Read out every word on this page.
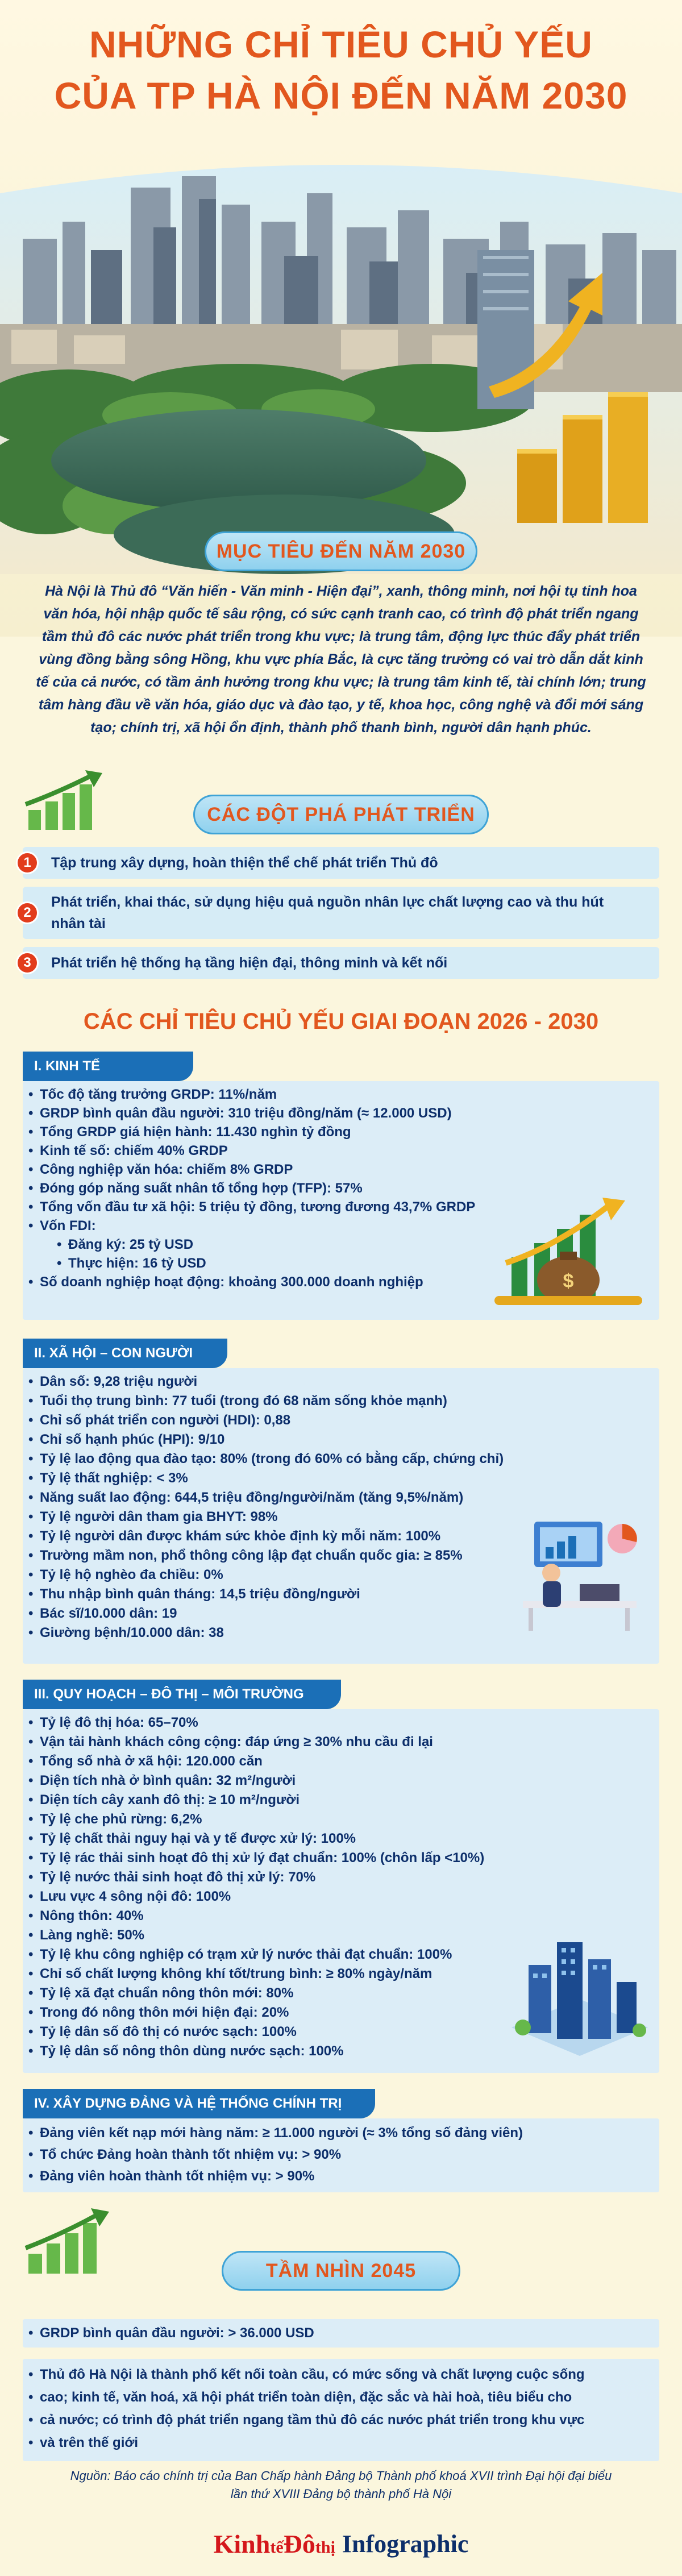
NHỮNG CHỈ TIÊU CHỦ YẾU
CỦA TP HÀ NỘI ĐẾN NĂM 2030
MỤC TIÊU ĐẾN NĂM 2030
Hà Nội là Thủ đô “Văn hiến - Văn minh - Hiện đại”, xanh, thông minh, nơi hội tụ tinh hoa
văn hóa, hội nhập quốc tế sâu rộng, có sức cạnh tranh cao, có trình độ phát triển ngang
tầm thủ đô các nước phát triển trong khu vực; là trung tâm, động lực thúc đẩy phát triển
vùng đồng bằng sông Hồng, khu vực phía Bắc, là cực tăng trưởng có vai trò dẫn dắt kinh
tế của cả nước, có tầm ảnh hưởng trong khu vực; là trung tâm kinh tế, tài chính lớn; trung
tâm hàng đầu về văn hóa, giáo dục và đào tạo, y tế, khoa học, công nghệ và đổi mới sáng
tạo; chính trị, xã hội ổn định, thành phố thanh bình, người dân hạnh phúc.
CÁC ĐỘT PHÁ PHÁT TRIỂN
1	Tập trung xây dựng, hoàn thiện thể chế phát triển Thủ đô
2
Phát triển, khai thác, sử dụng hiệu quả nguồn nhân lực chất lượng cao và thu hút
nhân tài
3	Phát triển hệ thống hạ tầng hiện đại, thông minh và kết nối
CÁC CHỈ TIÊU CHỦ YẾU GIAI ĐOẠN 2026 - 2030
I. KINH TẾ
• Tốc độ tăng trưởng GRDP: 11%/năm
• GRDP bình quân đầu người: 310 triệu đồng/năm (≈ 12.000 USD)
• Tổng GRDP giá hiện hành: 11.430 nghìn tỷ đồng
• Kinh tế số: chiếm 40% GRDP
• Công nghiệp văn hóa: chiếm 8% GRDP
• Đóng góp năng suất nhân tố tổng hợp (TFP): 57%
• Tổng vốn đầu tư xã hội: 5 triệu tỷ đồng, tương đương 43,7% GRDP
• Vốn FDI:
• Đăng ký: 25 tỷ USD
• Thực hiện: 16 tỷ USD
• Số doanh nghiệp hoạt động: khoảng 300.000 doanh nghiệp	$
II. XÃ HỘI – CON NGƯỜI
• Dân số: 9,28 triệu người
• Tuổi thọ trung bình: 77 tuổi (trong đó 68 năm sống khỏe mạnh)
• Chỉ số phát triển con người (HDI): 0,88
• Chỉ số hạnh phúc (HPI): 9/10
• Tỷ lệ lao động qua đào tạo: 80% (trong đó 60% có bằng cấp, chứng chỉ)
• Tỷ lệ thất nghiệp: < 3%
• Năng suất lao động: 644,5 triệu đồng/người/năm (tăng 9,5%/năm)
• Tỷ lệ người dân tham gia BHYT: 98%
• Tỷ lệ người dân được khám sức khỏe định kỳ mỗi năm: 100%
• Trường mầm non, phổ thông công lập đạt chuẩn quốc gia: ≥ 85%
• Tỷ lệ hộ nghèo đa chiều: 0%
• Thu nhập bình quân tháng: 14,5 triệu đồng/người
• Bác sĩ/10.000 dân: 19
• Giường bệnh/10.000 dân: 38
III. QUY HOẠCH – ĐÔ THỊ – MÔI TRƯỜNG
• Tỷ lệ đô thị hóa: 65–70%
• Vận tải hành khách công cộng: đáp ứng ≥ 30% nhu cầu đi lại
• Tổng số nhà ở xã hội: 120.000 căn
• Diện tích nhà ở bình quân: 32 m²/người
• Diện tích cây xanh đô thị: ≥ 10 m²/người
• Tỷ lệ che phủ rừng: 6,2%
• Tỷ lệ chất thải nguy hại và y tế được xử lý: 100%
• Tỷ lệ rác thải sinh hoạt đô thị xử lý đạt chuẩn: 100% (chôn lấp <10%)
• Tỷ lệ nước thải sinh hoạt đô thị xử lý: 70%
• Lưu vực 4 sông nội đô: 100%
• Nông thôn: 40%
• Làng nghề: 50%
• Tỷ lệ khu công nghiệp có trạm xử lý nước thải đạt chuẩn: 100%
• Chỉ số chất lượng không khí tốt/trung bình: ≥ 80% ngày/năm
• Tỷ lệ xã đạt chuẩn nông thôn mới: 80%
• Trong đó nông thôn mới hiện đại: 20%
• Tỷ lệ dân số đô thị có nước sạch: 100%
• Tỷ lệ dân số nông thôn dùng nước sạch: 100%
IV. XÂY DỰNG ĐẢNG VÀ HỆ THỐNG CHÍNH TRỊ
• Đảng viên kết nạp mới hàng năm: ≥ 11.000 người (≈ 3% tổng số đảng viên)
• Tổ chức Đảng hoàn thành tốt nhiệm vụ: > 90%
• Đảng viên hoàn thành tốt nhiệm vụ: > 90%
TẦM NHÌN 2045
• GRDP bình quân đầu người: > 36.000 USD
• Thủ đô Hà Nội là thành phố kết nối toàn cầu, có mức sống và chất lượng cuộc sống
• cao; kinh tế, văn hoá, xã hội phát triển toàn diện, đặc sắc và hài hoà, tiêu biểu cho
• cả nước; có trình độ phát triển ngang tầm thủ đô các nước phát triển trong khu vực
• và trên thế giới
Nguồn: Báo cáo chính trị của Ban Chấp hành Đảng bộ Thành phố khoá XVII trình Đại hội đại biểu
lần thứ XVIII Đảng bộ thành phố Hà Nội
KinhtếĐôthị Infographic
